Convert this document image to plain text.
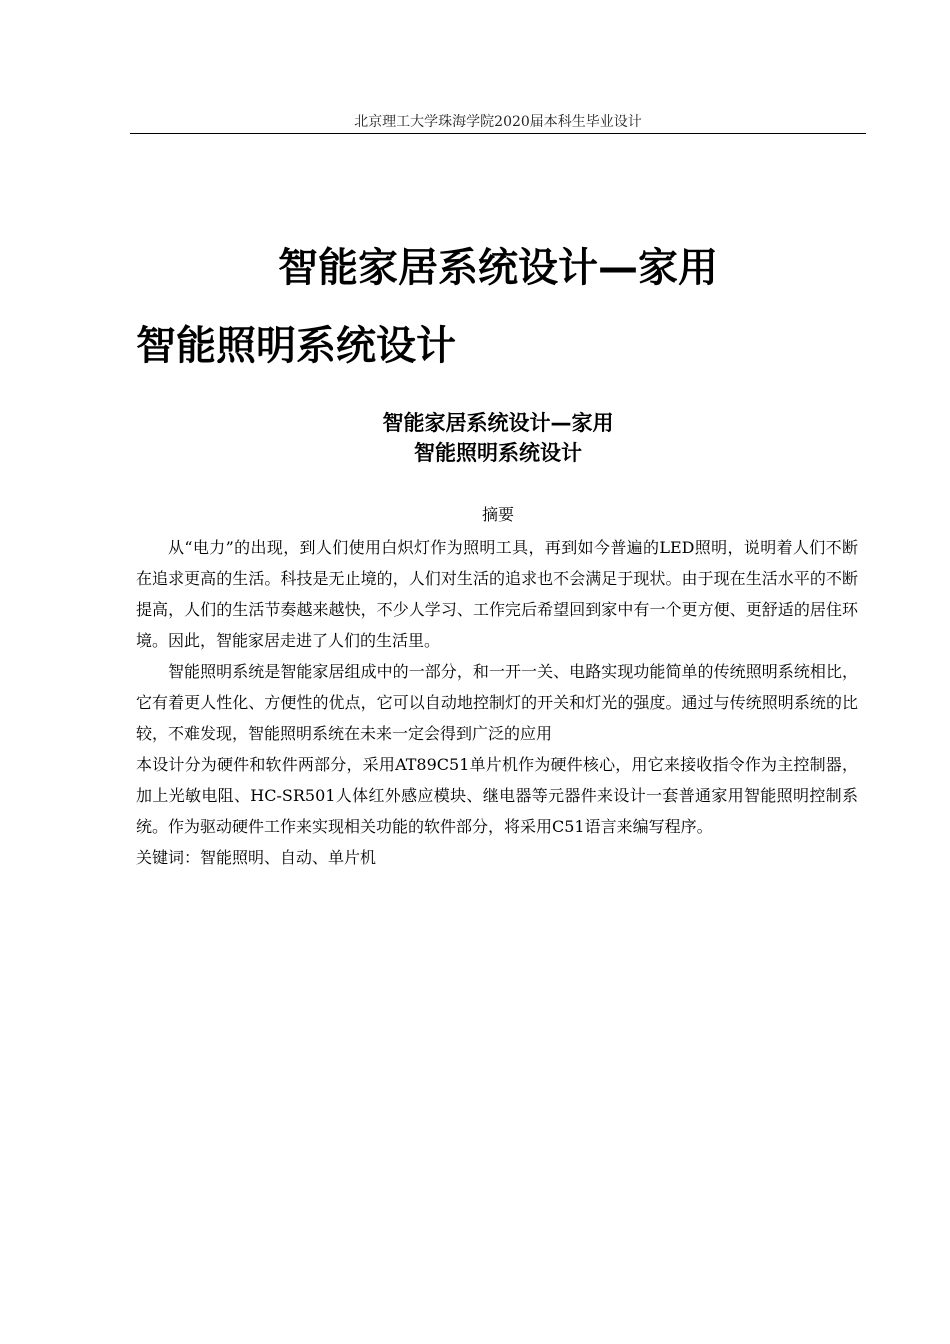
北京理工大学珠海学院2020届本科生毕业设计
智能家居系统设计—家用
智能照明系统设计
智能家居系统设计—家用
智能照明系统设计
摘要

从“电力”的出现，到人们使用白炽灯作为照明工具，再到如今普遍的LED照明，说明着人们不断在追求更高的生活。科技是无止境的，人们对生活的追求也不会满足于现状。由于现在生活水平的不断提高，人们的生活节奏越来越快，不少人学习、工作完后希望回到家中有一个更方便、更舒适的居住环境。因此，智能家居走进了人们的生活里。

智能照明系统是智能家居组成中的一部分，和一开一关、电路实现功能简单的传统照明系统相比，它有着更人性化、方便性的优点，它可以自动地控制灯的开关和灯光的强度。通过与传统照明系统的比较，不难发现，智能照明系统在未来一定会得到广泛的应用

本设计分为硬件和软件两部分，采用AT89C51单片机作为硬件核心，用它来接收指令作为主控制器，加上光敏电阻、HC-SR501人体红外感应模块、继电器等元器件来设计一套普通家用智能照明控制系统。作为驱动硬件工作来实现相关功能的软件部分，将采用C51语言来编写程序。

关键词：智能照明、自动、单片机
